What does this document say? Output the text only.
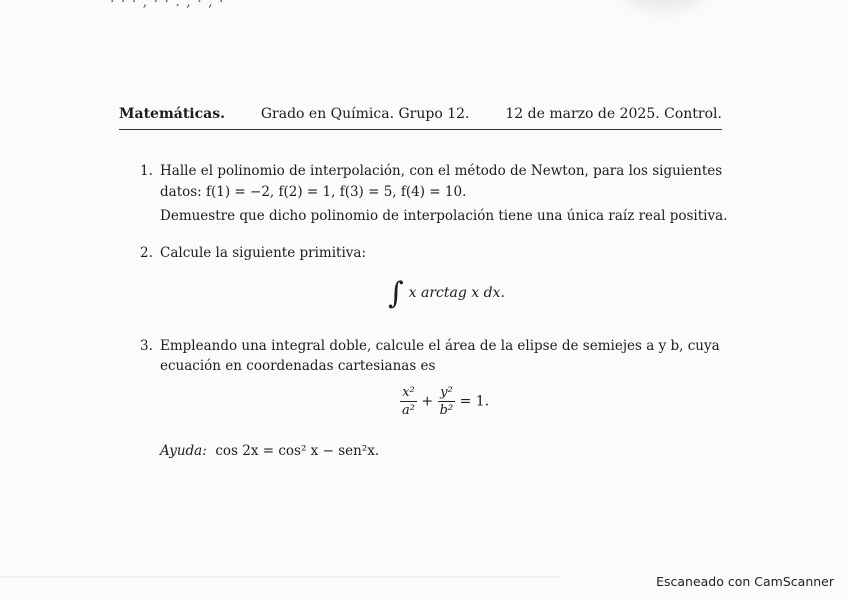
· · · , · · . , · , ·
Matemáticas.	Grado en Química. Grupo 12.	12 de marzo de 2025. Control.
1. Halle el polinomio de interpolación, con el método de Newton, para los siguientes
datos: f(1) = −2, f(2) = 1, f(3) = 5, f(4) = 10.
Demuestre que dicho polinomio de interpolación tiene una única raíz real positiva.
2. Calcule la siguiente primitiva:
∫ x arctag x dx.
3. Empleando una integral doble, calcule el área de la elipse de semiejes a y b, cuya
ecuación en coordenadas cartesianas es
$\frac{\text{x²}}{\text{a²}} + \frac{\text{y²}}{\text{b²}} = 1$.
Ayuda: cos 2x = cos² x − sen²x.
Escaneado con CamScanner
